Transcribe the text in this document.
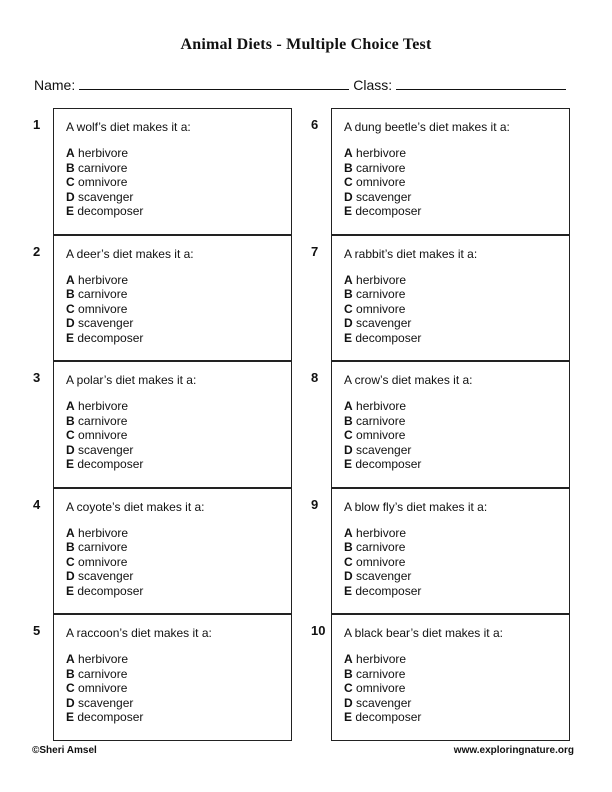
Animal Diets - Multiple Choice Test
Name:	Class:
1 A wolf’s diet makes it a:
A herbivore
B carnivore
C omnivore
D scavenger
E decomposer
2 A deer’s diet makes it a:
A herbivore
B carnivore
C omnivore
D scavenger
E decomposer
3 A polar’s diet makes it a:
A herbivore
B carnivore
C omnivore
D scavenger
E decomposer
4 A coyote’s diet makes it a:
A herbivore
B carnivore
C omnivore
D scavenger
E decomposer
5 A raccoon’s diet makes it a:
A herbivore
B carnivore
C omnivore
D scavenger
E decomposer
6 A dung beetle’s diet makes it a:
A herbivore
B carnivore
C omnivore
D scavenger
E decomposer
7 A rabbit’s diet makes it a:
A herbivore
B carnivore
C omnivore
D scavenger
E decomposer
8 A crow’s diet makes it a:
A herbivore
B carnivore
C omnivore
D scavenger
E decomposer
9 A blow fly’s diet makes it a:
A herbivore
B carnivore
C omnivore
D scavenger
E decomposer
10 A black bear’s diet makes it a:
A herbivore
B carnivore
C omnivore
D scavenger
E decomposer
©Sheri Amsel	www.exploringnature.org
